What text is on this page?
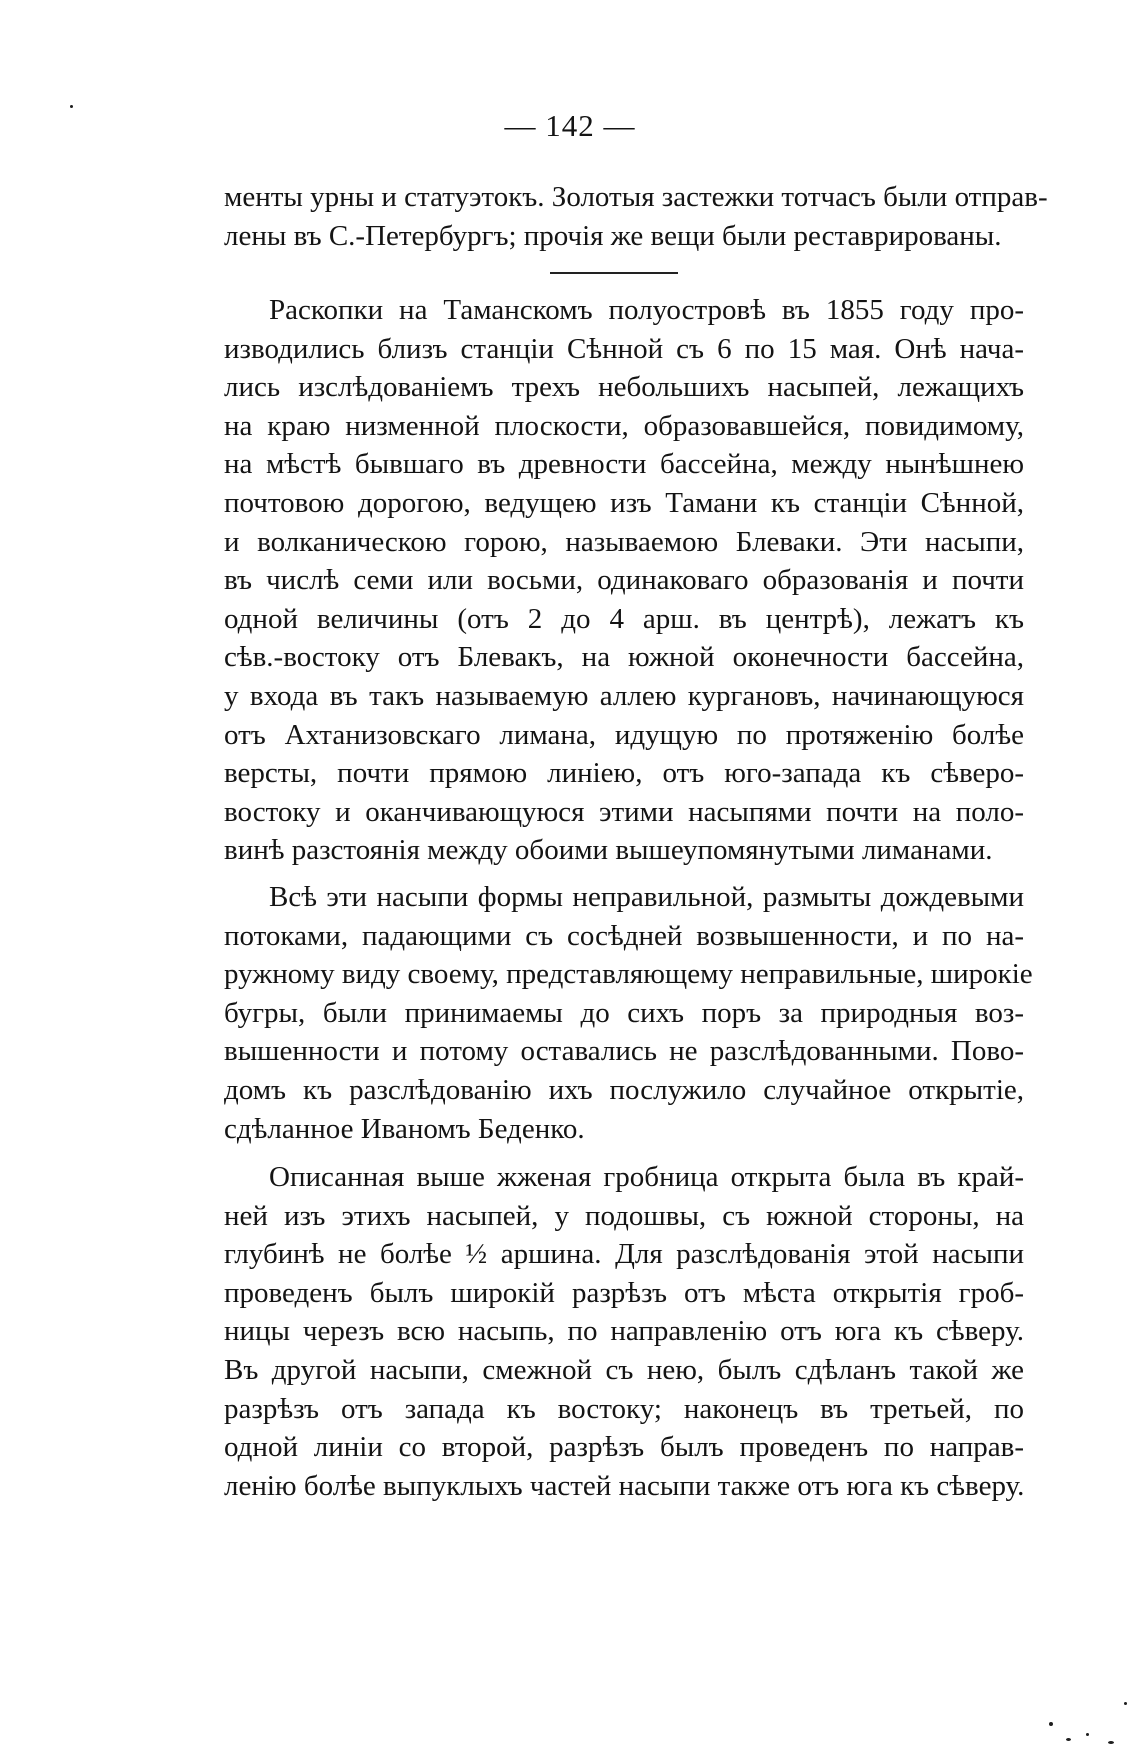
— 142 —
менты урны и статуэтокъ. Золотыя застежки тотчасъ были отправ-
лены въ С.-Петербургъ; прочія же вещи были реставрированы.
Раскопки на Таманскомъ полуостровѣ въ 1855 году про-
изводились близъ станціи Сѣнной съ 6 по 15 мая. Онѣ нача-
лись изслѣдованіемъ трехъ небольшихъ насыпей, лежащихъ
на краю низменной плоскости, образовавшейся, повидимому,
на мѣстѣ бывшаго въ древности бассейна, между нынѣшнею
почтовою дорогою, ведущею изъ Тамани къ станціи Сѣнной,
и волканическою горою, называемою Блеваки. Эти насыпи,
въ числѣ семи или восьми, одинаковаго образованія и почти
одной величины (отъ 2 до 4 арш. въ центрѣ), лежатъ къ
сѣв.-востоку отъ Блевакъ, на южной оконечности бассейна,
у входа въ такъ называемую аллею кургановъ, начинающуюся
отъ Ахтанизовскаго лимана, идущую по протяженію болѣе
версты, почти прямою линіею, отъ юго-запада къ сѣверо-
востоку и оканчивающуюся этими насыпями почти на поло-
винѣ разстоянія между обоими вышеупомянутыми лиманами.
Всѣ эти насыпи формы неправильной, размыты дождевыми
потоками, падающими съ сосѣдней возвышенности, и по на-
ружному виду своему, представляющему неправильные, широкіе
бугры, были принимаемы до сихъ поръ за природныя воз-
вышенности и потому оставались не разслѣдованными. Пово-
домъ къ разслѣдованію ихъ послужило случайное открытіе,
сдѣланное Иваномъ Беденко.
Описанная выше жженая гробница открыта была въ край-
ней изъ этихъ насыпей, у подошвы, съ южной стороны, на
глубинѣ не болѣе ½ аршина. Для разслѣдованія этой насыпи
проведенъ былъ широкій разрѣзъ отъ мѣста открытія гроб-
ницы черезъ всю насыпь, по направленію отъ юга къ сѣверу.
Въ другой насыпи, смежной съ нею, былъ сдѣланъ такой же
разрѣзъ отъ запада къ востоку; наконецъ въ третьей, по
одной линіи со второй, разрѣзъ былъ проведенъ по направ-
ленію болѣе выпуклыхъ частей насыпи также отъ юга къ сѣверу.
